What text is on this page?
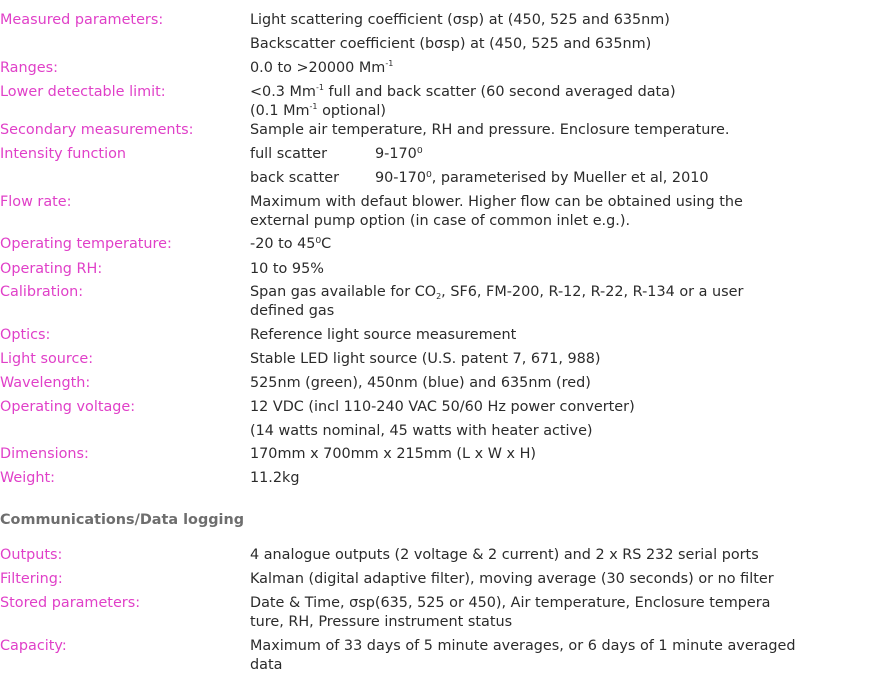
Measured parameters:	Light scattering coefficient (σsp) at (450, 525 and 635nm)
Backscatter coefficient (bσsp) at (450, 525 and 635nm)
Ranges:	0.0 to >20000 $Mm^{-1}$
Lower detectable limit:	<0.3 $Mm^{-1}$ full and back scatter (60 second averaged data)
(0.1 $Mm^{-1}$ optional)
Secondary measurements:	Sample air temperature, RH and pressure. Enclosure temperature.
Intensity function	full scatter	9-170⁰
back scatter 90-170⁰, parameterised by Mueller et al, 2010
Flow rate:	Maximum with defaut blower. Higher flow can be obtained using the
external pump option (in case of common inlet e.g.).
Operating temperature:	-20 to 45⁰C
Operating RH:	10 to 95%
Calibration:	Span gas available for $CO_2$, SF6, FM-200, R-12, R-22, R-134 or a user
defined gas
Optics:	Reference light source measurement
Light source:	Stable LED light source (U.S. patent 7, 671, 988)
Wavelength:	525nm (green), 450nm (blue) and 635nm (red)
Operating voltage:	12 VDC (incl 110-240 VAC 50/60 Hz power converter)
(14 watts nominal, 45 watts with heater active)
Dimensions:	170mm x 700mm x 215mm (L x W x H)
Weight:	11.2kg
Communications/Data logging
Outputs:	4 analogue outputs (2 voltage & 2 current) and 2 x RS 232 serial ports
Filtering:	Kalman (digital adaptive filter), moving average (30 seconds) or no filter
Stored parameters:	Date & Time, σsp(635, 525 or 450), Air temperature, Enclosure tempera
ture, RH, Pressure instrument status
Capacity:	Maximum of 33 days of 5 minute averages, or 6 days of 1 minute averaged
data
